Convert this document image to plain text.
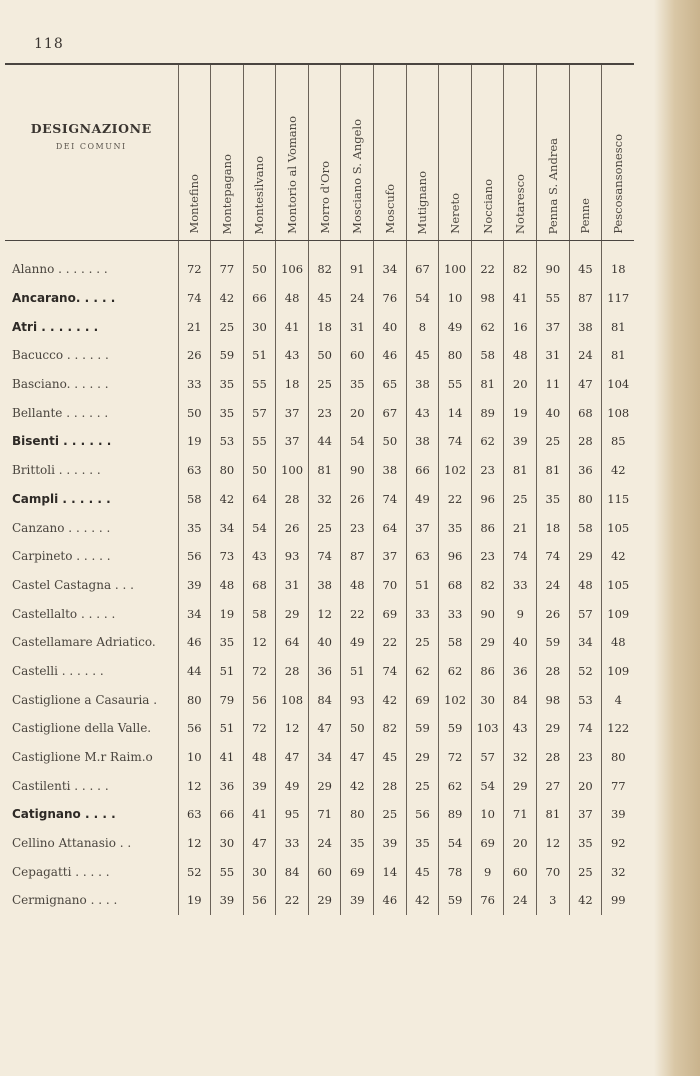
118
DESIGNAZIONE
DEI COMUNI	Montefino	Montepagano	Montesilvano	Montorio al Vomano	Morro d'Oro	Mosciano S. Angelo	Moscufo	Mutignano	Nereto	Nocciano	Notaresco	Penna S. Andrea	Penne	Pescosansonesco

Alanno . . . . . . .	72	77	50	106	82	91	34	67	100	22	82	90	45	18
Ancarano. . . . .	74	42	66	48	45	24	76	54	10	98	41	55	87	117
Atri . . . . . . .	21	25	30	41	18	31	40	8	49	62	16	37	38	81
Bacucco . . . . . .	26	59	51	43	50	60	46	45	80	58	48	31	24	81
Basciano. . . . . .	33	35	55	18	25	35	65	38	55	81	20	11	47	104
Bellante . . . . . .	50	35	57	37	23	20	67	43	14	89	19	40	68	108
Bisenti . . . . . .	19	53	55	37	44	54	50	38	74	62	39	25	28	85
Brittoli . . . . . .	63	80	50	100	81	90	38	66	102	23	81	81	36	42
Campli . . . . . .	58	42	64	28	32	26	74	49	22	96	25	35	80	115
Canzano . . . . . .	35	34	54	26	25	23	64	37	35	86	21	18	58	105
Carpineto . . . . .	56	73	43	93	74	87	37	63	96	23	74	74	29	42
Castel Castagna . . .	39	48	68	31	38	48	70	51	68	82	33	24	48	105
Castellalto . . . . .	34	19	58	29	12	22	69	33	33	90	9	26	57	109
Castellamare Adriatico.	46	35	12	64	40	49	22	25	58	29	40	59	34	48
Castelli . . . . . .	44	51	72	28	36	51	74	62	62	86	36	28	52	109
Castiglione a Casauria .	80	79	56	108	84	93	42	69	102	30	84	98	53	4
Castiglione della Valle.	56	51	72	12	47	50	82	59	59	103	43	29	74	122
Castiglione M.r Raim.o	10	41	48	47	34	47	45	29	72	57	32	28	23	80
Castilenti . . . . .	12	36	39	49	29	42	28	25	62	54	29	27	20	77
Catignano . . . .	63	66	41	95	71	80	25	56	89	10	71	81	37	39
Cellino Attanasio . .	12	30	47	33	24	35	39	35	54	69	20	12	35	92
Cepagatti . . . . .	52	55	30	84	60	69	14	45	78	9	60	70	25	32
Cermignano . . . .	19	39	56	22	29	39	46	42	59	76	24	3	42	99
